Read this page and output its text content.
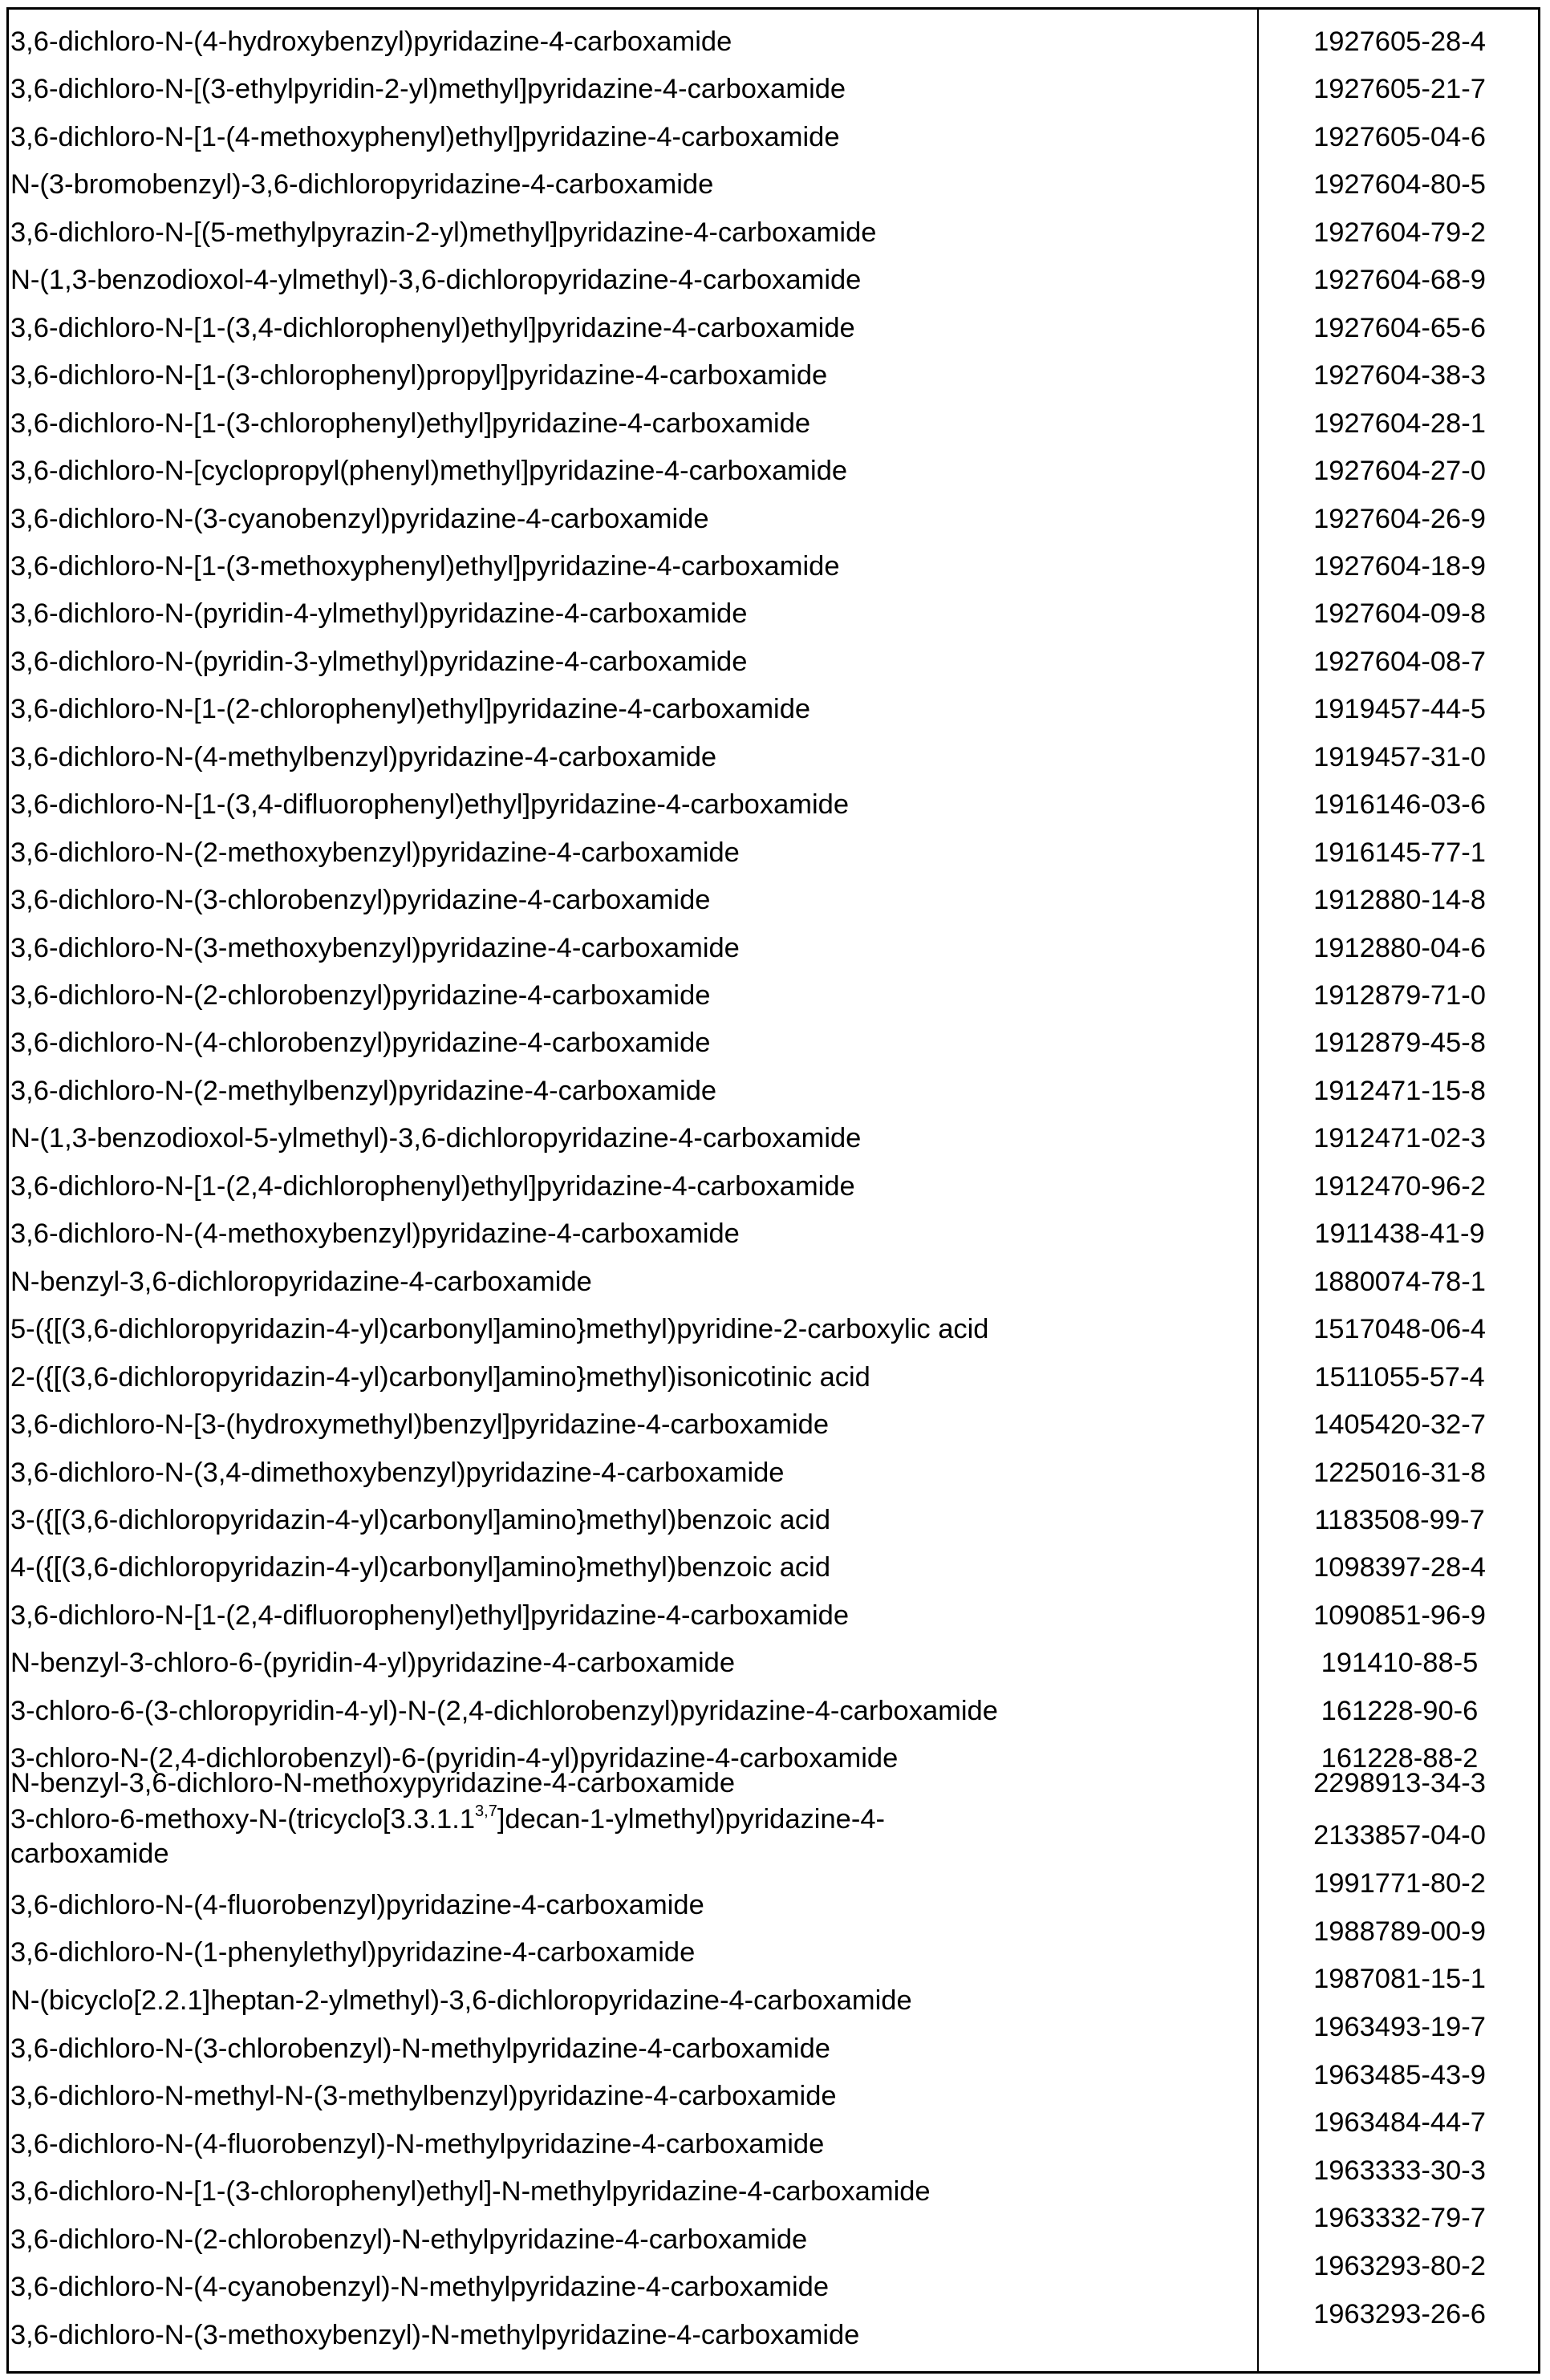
3,6-dichloro-N-(4-hydroxybenzyl)pyridazine-4-carboxamide
3,6-dichloro-N-[(3-ethylpyridin-2-yl)methyl]pyridazine-4-carboxamide
3,6-dichloro-N-[1-(4-methoxyphenyl)ethyl]pyridazine-4-carboxamide
N-(3-bromobenzyl)-3,6-dichloropyridazine-4-carboxamide
3,6-dichloro-N-[(5-methylpyrazin-2-yl)methyl]pyridazine-4-carboxamide
N-(1,3-benzodioxol-4-ylmethyl)-3,6-dichloropyridazine-4-carboxamide
3,6-dichloro-N-[1-(3,4-dichlorophenyl)ethyl]pyridazine-4-carboxamide
3,6-dichloro-N-[1-(3-chlorophenyl)propyl]pyridazine-4-carboxamide
3,6-dichloro-N-[1-(3-chlorophenyl)ethyl]pyridazine-4-carboxamide
3,6-dichloro-N-[cyclopropyl(phenyl)methyl]pyridazine-4-carboxamide
3,6-dichloro-N-(3-cyanobenzyl)pyridazine-4-carboxamide
3,6-dichloro-N-[1-(3-methoxyphenyl)ethyl]pyridazine-4-carboxamide
3,6-dichloro-N-(pyridin-4-ylmethyl)pyridazine-4-carboxamide
3,6-dichloro-N-(pyridin-3-ylmethyl)pyridazine-4-carboxamide
3,6-dichloro-N-[1-(2-chlorophenyl)ethyl]pyridazine-4-carboxamide
3,6-dichloro-N-(4-methylbenzyl)pyridazine-4-carboxamide
3,6-dichloro-N-[1-(3,4-difluorophenyl)ethyl]pyridazine-4-carboxamide
3,6-dichloro-N-(2-methoxybenzyl)pyridazine-4-carboxamide
3,6-dichloro-N-(3-chlorobenzyl)pyridazine-4-carboxamide
3,6-dichloro-N-(3-methoxybenzyl)pyridazine-4-carboxamide
3,6-dichloro-N-(2-chlorobenzyl)pyridazine-4-carboxamide
3,6-dichloro-N-(4-chlorobenzyl)pyridazine-4-carboxamide
3,6-dichloro-N-(2-methylbenzyl)pyridazine-4-carboxamide
N-(1,3-benzodioxol-5-ylmethyl)-3,6-dichloropyridazine-4-carboxamide
3,6-dichloro-N-[1-(2,4-dichlorophenyl)ethyl]pyridazine-4-carboxamide
3,6-dichloro-N-(4-methoxybenzyl)pyridazine-4-carboxamide
N-benzyl-3,6-dichloropyridazine-4-carboxamide
5-({[(3,6-dichloropyridazin-4-yl)carbonyl]amino}methyl)pyridine-2-carboxylic acid
2-({[(3,6-dichloropyridazin-4-yl)carbonyl]amino}methyl)isonicotinic acid
3,6-dichloro-N-[3-(hydroxymethyl)benzyl]pyridazine-4-carboxamide
3,6-dichloro-N-(3,4-dimethoxybenzyl)pyridazine-4-carboxamide
3-({[(3,6-dichloropyridazin-4-yl)carbonyl]amino}methyl)benzoic acid
4-({[(3,6-dichloropyridazin-4-yl)carbonyl]amino}methyl)benzoic acid
3,6-dichloro-N-[1-(2,4-difluorophenyl)ethyl]pyridazine-4-carboxamide
N-benzyl-3-chloro-6-(pyridin-4-yl)pyridazine-4-carboxamide
3-chloro-6-(3-chloropyridin-4-yl)-N-(2,4-dichlorobenzyl)pyridazine-4-carboxamide
3-chloro-N-(2,4-dichlorobenzyl)-6-(pyridin-4-yl)pyridazine-4-carboxamide
N-benzyl-3,6-dichloro-N-methoxypyridazine-4-carboxamide
3-chloro-6-methoxy-N-(tricyclo[3.3.1.1$^{3,7}$]decan-1-ylmethyl)pyridazine-4-
carboxamide
3,6-dichloro-N-(4-fluorobenzyl)pyridazine-4-carboxamide
3,6-dichloro-N-(1-phenylethyl)pyridazine-4-carboxamide
N-(bicyclo[2.2.1]heptan-2-ylmethyl)-3,6-dichloropyridazine-4-carboxamide
3,6-dichloro-N-(3-chlorobenzyl)-N-methylpyridazine-4-carboxamide
3,6-dichloro-N-methyl-N-(3-methylbenzyl)pyridazine-4-carboxamide
3,6-dichloro-N-(4-fluorobenzyl)-N-methylpyridazine-4-carboxamide
3,6-dichloro-N-[1-(3-chlorophenyl)ethyl]-N-methylpyridazine-4-carboxamide
3,6-dichloro-N-(2-chlorobenzyl)-N-ethylpyridazine-4-carboxamide
3,6-dichloro-N-(4-cyanobenzyl)-N-methylpyridazine-4-carboxamide
3,6-dichloro-N-(3-methoxybenzyl)-N-methylpyridazine-4-carboxamide
1927605-28-4
1927605-21-7
1927605-04-6
1927604-80-5
1927604-79-2
1927604-68-9
1927604-65-6
1927604-38-3
1927604-28-1
1927604-27-0
1927604-26-9
1927604-18-9
1927604-09-8
1927604-08-7
1919457-44-5
1919457-31-0
1916146-03-6
1916145-77-1
1912880-14-8
1912880-04-6
1912879-71-0
1912879-45-8
1912471-15-8
1912471-02-3
1912470-96-2
1911438-41-9
1880074-78-1
1517048-06-4
1511055-57-4
1405420-32-7
1225016-31-8
1183508-99-7
1098397-28-4
1090851-96-9
191410-88-5
161228-90-6
161228-88-2
2298913-34-3
2133857-04-0
1991771-80-2
1988789-00-9
1987081-15-1
1963493-19-7
1963485-43-9
1963484-44-7
1963333-30-3
1963332-79-7
1963293-80-2
1963293-26-6
